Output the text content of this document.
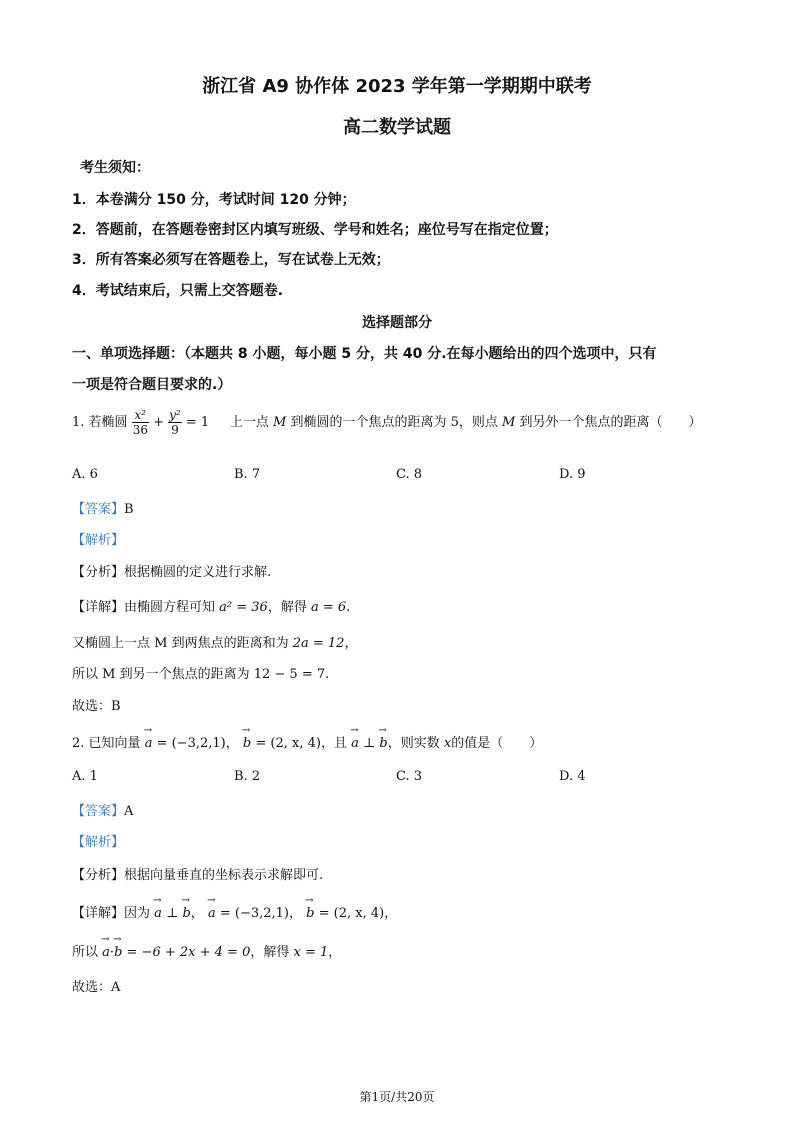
浙江省 A9 协作体 2023 学年第一学期期中联考
高二数学试题
考生须知：
1．本卷满分 150 分，考试时间 120 分钟；
2．答题前，在答题卷密封区内填写班级、学号和姓名；座位号写在指定位置；
3．所有答案必须写在答题卷上，写在试卷上无效；
4．考试结束后，只需上交答题卷.
选择题部分
一、单项选择题：（本题共 8 小题，每小题 5 分，共 40 分.在每小题给出的四个选项中，只有
一项是符合题目要求的.）
1. 若椭圆 $\frac{\text{x²}}{36} + \frac{\text{y²}}{9} = 1$ 上一点 M 到椭圆的一个焦点的距离为 5，则点 M 到另外一个焦点的距离（　　）
A. 6	B. 7	C. 8	D. 9
【答案】B
【解析】
【分析】根据椭圆的定义进行求解.
【详解】由椭圆方程可知 a² = 36，解得 a = 6.
又椭圆上一点 M 到两焦点的距离和为 2a = 12，
所以 M 到另一个焦点的距离为 12 − 5 = 7.
故选：B
2. 已知向量 → a = (−3,2,1)， → b = (2, x, 4)，且 → a ⊥ → b，则实数 x的值是（　　）
A. 1	B. 2	C. 3	D. 4
【答案】A
【解析】
【分析】根据向量垂直的坐标表示求解即可.
【详解】因为 → a ⊥ → b， → a = (−3,2,1)， → b = (2, x, 4)，
所以 → a·→ b = −6 + 2x + 4 = 0，解得 x = 1，
故选：A
第1页/共20页
